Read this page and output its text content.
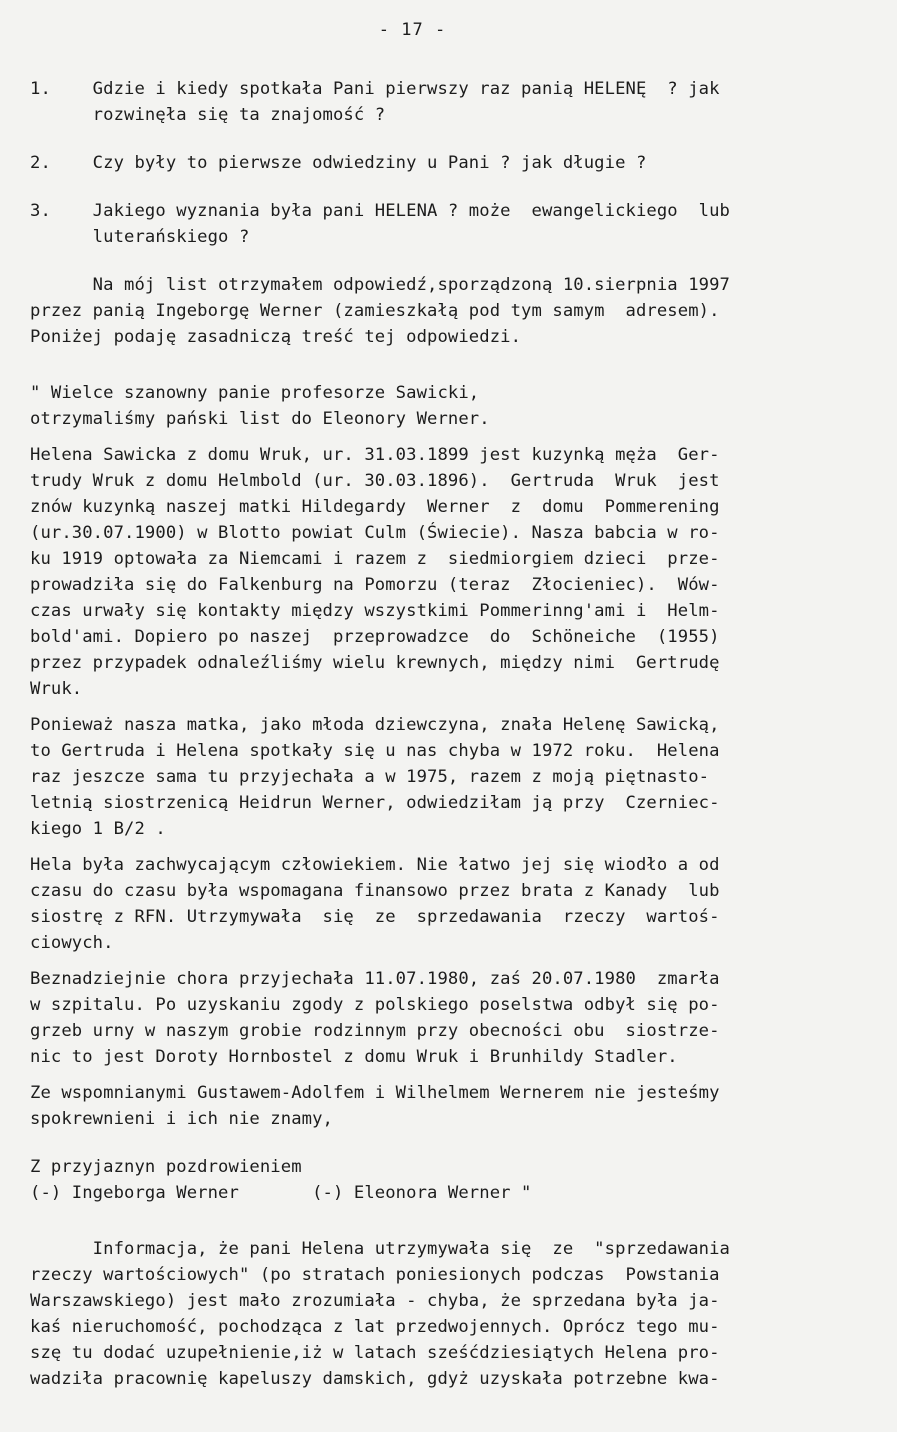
- 17 -
1.    Gdzie i kiedy spotkała Pani pierwszy raz panią HELENĘ  ? jak
rozwinęła się ta znajomość ?
2.    Czy były to pierwsze odwiedziny u Pani ? jak długie ?
3.    Jakiego wyznania była pani HELENA ? może  ewangelickiego  lub
luterańskiego ?
Na mój list otrzymałem odpowiedź,sporządzoną 10.sierpnia 1997
przez panią Ingeborgę Werner (zamieszkałą pod tym samym  adresem).
Poniżej podaję zasadniczą treść tej odpowiedzi.
" Wielce szanowny panie profesorze Sawicki,
otrzymaliśmy pański list do Eleonory Werner.
Helena Sawicka z domu Wruk, ur. 31.03.1899 jest kuzynką męża  Ger-
trudy Wruk z domu Helmbold (ur. 30.03.1896).  Gertruda  Wruk  jest
znów kuzynką naszej matki Hildegardy  Werner  z  domu  Pommerening
(ur.30.07.1900) w Blotto powiat Culm (Świecie). Nasza babcia w ro-
ku 1919 optowała za Niemcami i razem z  siedmiorgiem dzieci  prze-
prowadziła się do Falkenburg na Pomorzu (teraz  Złocieniec).  Wów-
czas urwały się kontakty między wszystkimi Pommerinng'ami i  Helm-
bold'ami. Dopiero po naszej  przeprowadzce  do  Schöneiche  (1955)
przez przypadek odnaleźliśmy wielu krewnych, między nimi  Gertrudę
Wruk.
Ponieważ nasza matka, jako młoda dziewczyna, znała Helenę Sawicką,
to Gertruda i Helena spotkały się u nas chyba w 1972 roku.  Helena
raz jeszcze sama tu przyjechała a w 1975, razem z moją piętnasto-
letnią siostrzenicą Heidrun Werner, odwiedziłam ją przy  Czerniec-
kiego 1 B/2 .
Hela była zachwycającym człowiekiem. Nie łatwo jej się wiodło a od
czasu do czasu była wspomagana finansowo przez brata z Kanady  lub
siostrę z RFN. Utrzymywała  się  ze  sprzedawania  rzeczy  wartoś-
ciowych.
Beznadziejnie chora przyjechała 11.07.1980, zaś 20.07.1980  zmarła
w szpitalu. Po uzyskaniu zgody z polskiego poselstwa odbył się po-
grzeb urny w naszym grobie rodzinnym przy obecności obu  siostrze-
nic to jest Doroty Hornbostel z domu Wruk i Brunhildy Stadler.
Ze wspomnianymi Gustawem-Adolfem i Wilhelmem Wernerem nie jesteśmy
spokrewnieni i ich nie znamy,
Z przyjaznyn pozdrowieniem
(-) Ingeborga Werner       (-) Eleonora Werner "
Informacja, że pani Helena utrzymywała się  ze  "sprzedawania
rzeczy wartościowych" (po stratach poniesionych podczas  Powstania
Warszawskiego) jest mało zrozumiała - chyba, że sprzedana była ja-
kaś nieruchomość, pochodząca z lat przedwojennych. Oprócz tego mu-
szę tu dodać uzupełnienie,iż w latach sześćdziesiątych Helena pro-
wadziła pracownię kapeluszy damskich, gdyż uzyskała potrzebne kwa-
